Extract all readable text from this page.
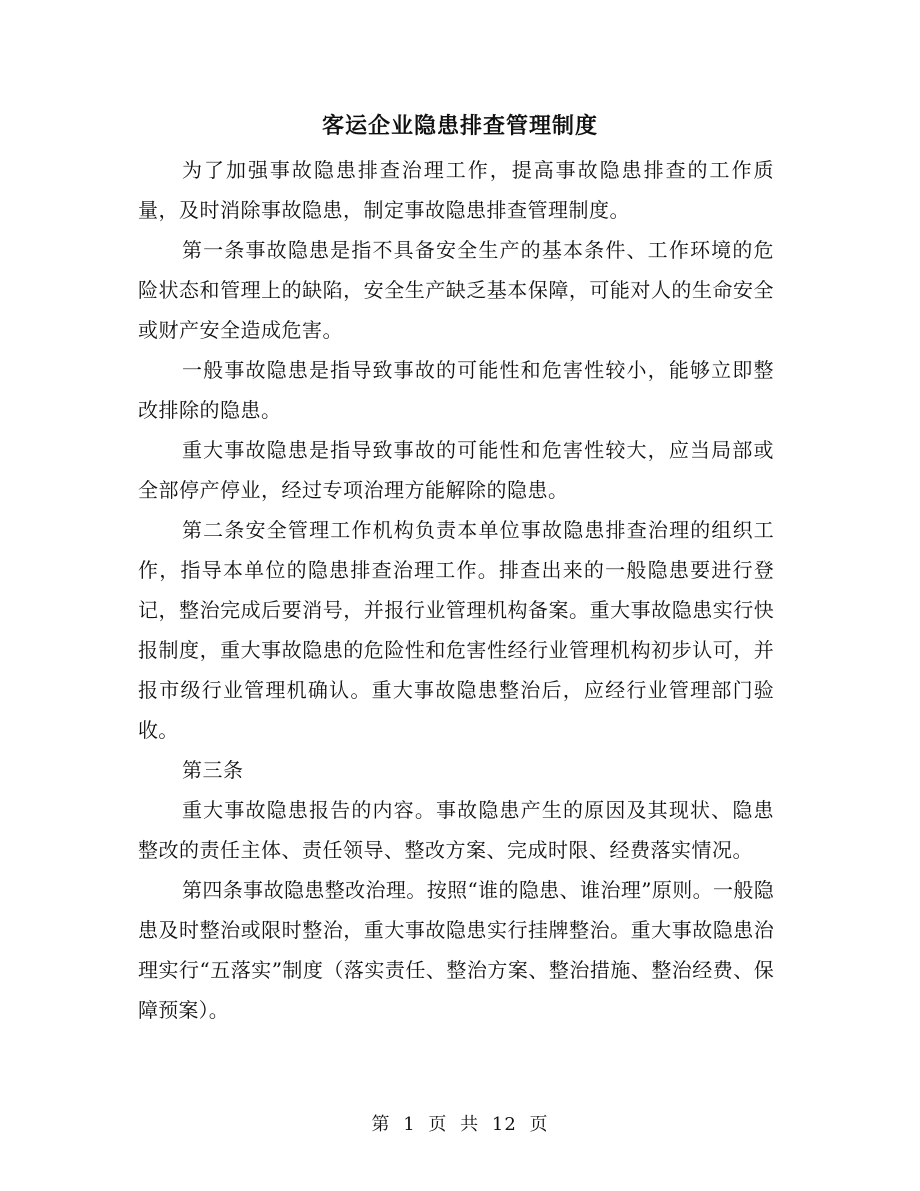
客运企业隐患排查管理制度

为了加强事故隐患排查治理工作，提高事故隐患排查的工作质量，及时消除事故隐患，制定事故隐患排查管理制度。

第一条事故隐患是指不具备安全生产的基本条件、工作环境的危险状态和管理上的缺陷，安全生产缺乏基本保障，可能对人的生命安全或财产安全造成危害。

一般事故隐患是指导致事故的可能性和危害性较小，能够立即整改排除的隐患。

重大事故隐患是指导致事故的可能性和危害性较大，应当局部或全部停产停业，经过专项治理方能解除的隐患。

第二条安全管理工作机构负责本单位事故隐患排查治理的组织工作，指导本单位的隐患排查治理工作。排查出来的一般隐患要进行登记，整治完成后要消号，并报行业管理机构备案。重大事故隐患实行快报制度，重大事故隐患的危险性和危害性经行业管理机构初步认可，并报市级行业管理机确认。重大事故隐患整治后，应经行业管理部门验收。

第三条

重大事故隐患报告的内容。事故隐患产生的原因及其现状、隐患整改的责任主体、责任领导、整改方案、完成时限、经费落实情况。

第四条事故隐患整改治理。按照“谁的隐患、谁治理”原则。一般隐患及时整治或限时整治，重大事故隐患实行挂牌整治。重大事故隐患治理实行“五落实”制度（落实责任、整治方案、整治措施、整治经费、保障预案）。

第 1 页 共 12 页
